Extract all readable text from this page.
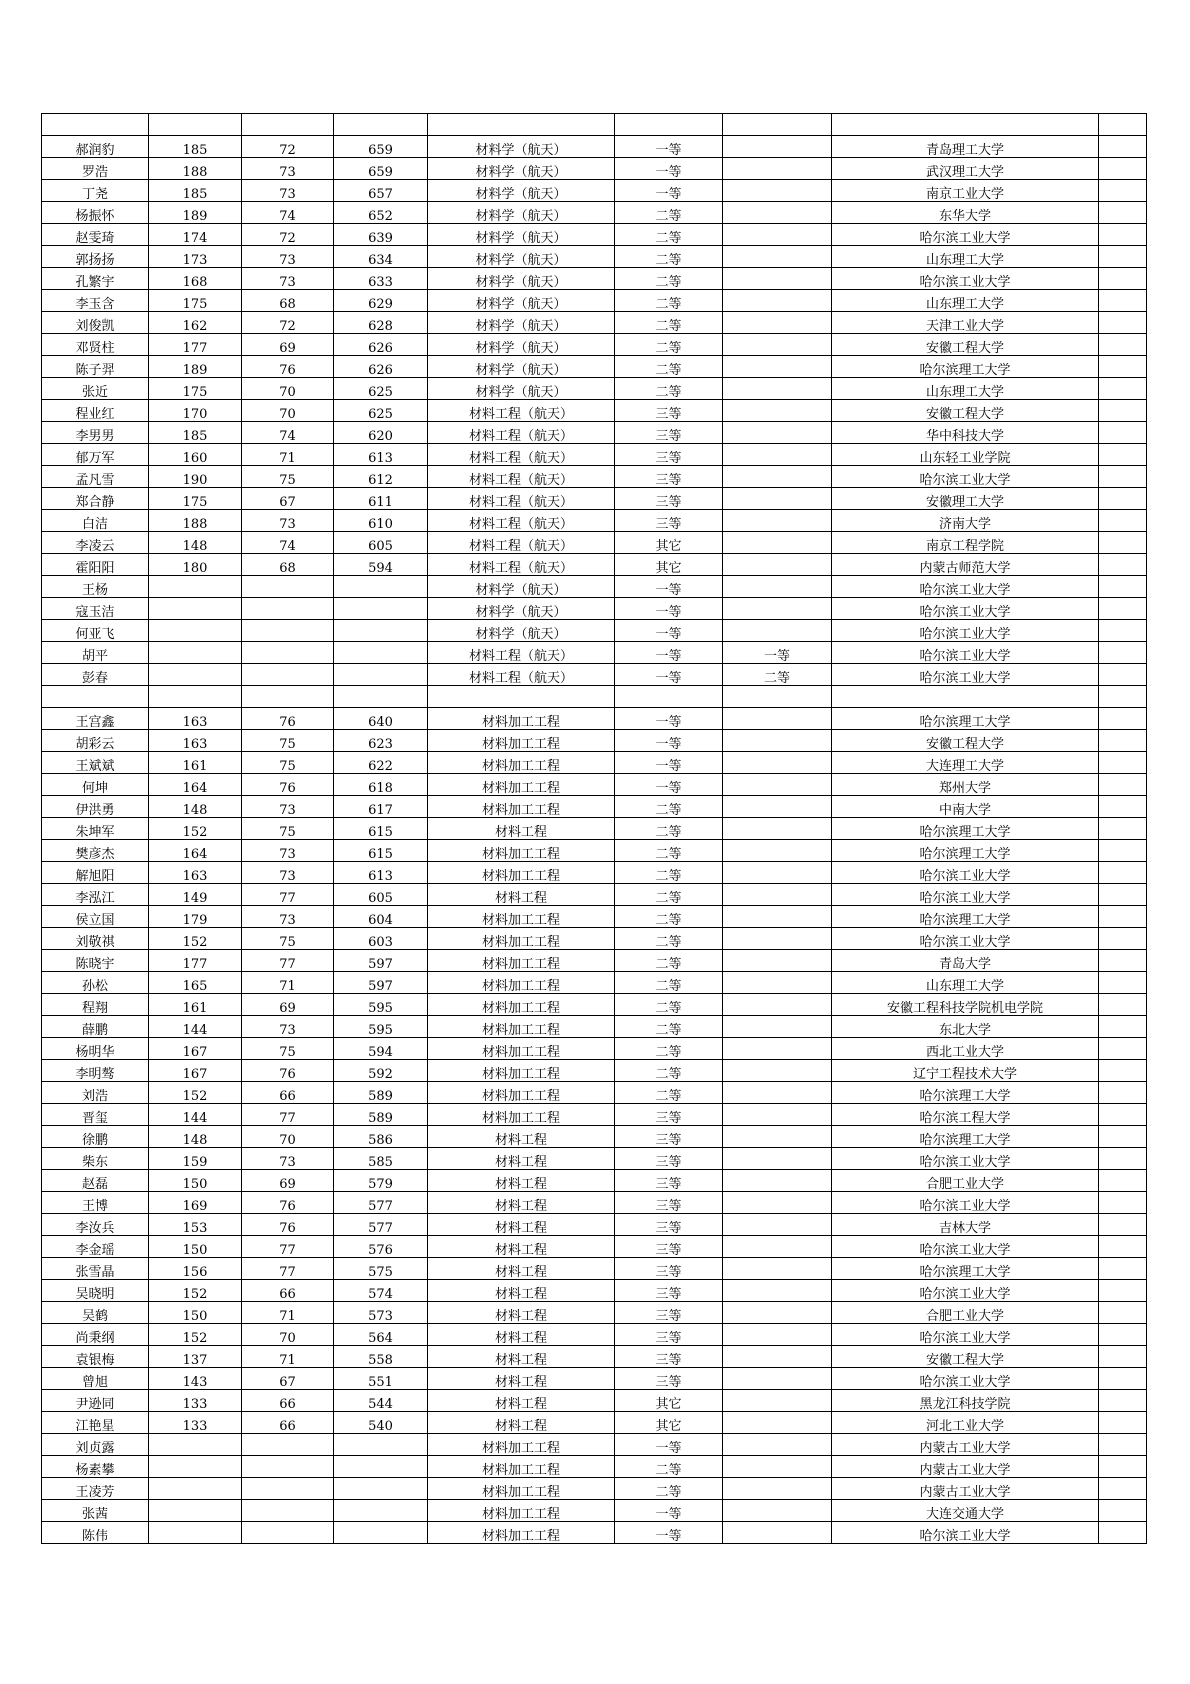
郝润豹	185	72	659	材料学（航天）	一等		青岛理工大学	
罗浩	188	73	659	材料学（航天）	一等		武汉理工大学	
丁尧	185	73	657	材料学（航天）	一等		南京工业大学	
杨振怀	189	74	652	材料学（航天）	二等		东华大学	
赵雯琦	174	72	639	材料学（航天）	二等		哈尔滨工业大学	
郭扬扬	173	73	634	材料学（航天）	二等		山东理工大学	
孔繁宇	168	73	633	材料学（航天）	二等		哈尔滨工业大学	
李玉含	175	68	629	材料学（航天）	二等		山东理工大学	
刘俊凯	162	72	628	材料学（航天）	二等		天津工业大学	
邓贤柱	177	69	626	材料学（航天）	二等		安徽工程大学	
陈子羿	189	76	626	材料学（航天）	二等		哈尔滨理工大学	
张近	175	70	625	材料学（航天）	二等		山东理工大学	
程业红	170	70	625	材料工程（航天）	三等		安徽工程大学	
李男男	185	74	620	材料工程（航天）	三等		华中科技大学	
郁万军	160	71	613	材料工程（航天）	三等		山东轻工业学院	
孟凡雪	190	75	612	材料工程（航天）	三等		哈尔滨工业大学	
郑合静	175	67	611	材料工程（航天）	三等		安徽理工大学	
白洁	188	73	610	材料工程（航天）	三等		济南大学	
李凌云	148	74	605	材料工程（航天）	其它		南京工程学院	
霍阳阳	180	68	594	材料工程（航天）	其它		内蒙古师范大学	
王杨				材料学（航天）	一等		哈尔滨工业大学	
寇玉洁				材料学（航天）	一等		哈尔滨工业大学	
何亚飞				材料学（航天）	一等		哈尔滨工业大学	
胡平				材料工程（航天）	一等	一等	哈尔滨工业大学	
彭春				材料工程（航天）	一等	二等	哈尔滨工业大学	

王宫鑫	163	76	640	材料加工工程	一等		哈尔滨理工大学	
胡彩云	163	75	623	材料加工工程	一等		安徽工程大学	
王斌斌	161	75	622	材料加工工程	一等		大连理工大学	
何坤	164	76	618	材料加工工程	一等		郑州大学	
伊洪勇	148	73	617	材料加工工程	二等		中南大学	
朱坤军	152	75	615	材料工程	二等		哈尔滨理工大学	
樊彦杰	164	73	615	材料加工工程	二等		哈尔滨理工大学	
解旭阳	163	73	613	材料加工工程	二等		哈尔滨工业大学	
李泓江	149	77	605	材料工程	二等		哈尔滨工业大学	
侯立国	179	73	604	材料加工工程	二等		哈尔滨理工大学	
刘敬祺	152	75	603	材料加工工程	二等		哈尔滨工业大学	
陈晓宇	177	77	597	材料加工工程	二等		青岛大学	
孙松	165	71	597	材料加工工程	二等		山东理工大学	
程翔	161	69	595	材料加工工程	二等		安徽工程科技学院机电学院	
薛鹏	144	73	595	材料加工工程	二等		东北大学	
杨明华	167	75	594	材料加工工程	二等		西北工业大学	
李明骜	167	76	592	材料加工工程	二等		辽宁工程技术大学	
刘浩	152	66	589	材料加工工程	二等		哈尔滨理工大学	
晋玺	144	77	589	材料加工工程	三等		哈尔滨工程大学	
徐鹏	148	70	586	材料工程	三等		哈尔滨理工大学	
柴东	159	73	585	材料工程	三等		哈尔滨工业大学	
赵磊	150	69	579	材料工程	三等		合肥工业大学	
王博	169	76	577	材料工程	三等		哈尔滨工业大学	
李汝兵	153	76	577	材料工程	三等		吉林大学	
李金瑶	150	77	576	材料工程	三等		哈尔滨工业大学	
张雪晶	156	77	575	材料工程	三等		哈尔滨理工大学	
吴晓明	152	66	574	材料工程	三等		哈尔滨工业大学	
吴鹤	150	71	573	材料工程	三等		合肥工业大学	
尚秉纲	152	70	564	材料工程	三等		哈尔滨工业大学	
袁银梅	137	71	558	材料工程	三等		安徽工程大学	
曾旭	143	67	551	材料工程	三等		哈尔滨工业大学	
尹逊同	133	66	544	材料工程	其它		黑龙江科技学院	
江艳星	133	66	540	材料工程	其它		河北工业大学	
刘贞露				材料加工工程	一等		内蒙古工业大学	
杨素攀				材料加工工程	二等		内蒙古工业大学	
王凌芳				材料加工工程	二等		内蒙古工业大学	
张茜				材料加工工程	一等		大连交通大学	
陈伟				材料加工工程	一等		哈尔滨工业大学	
